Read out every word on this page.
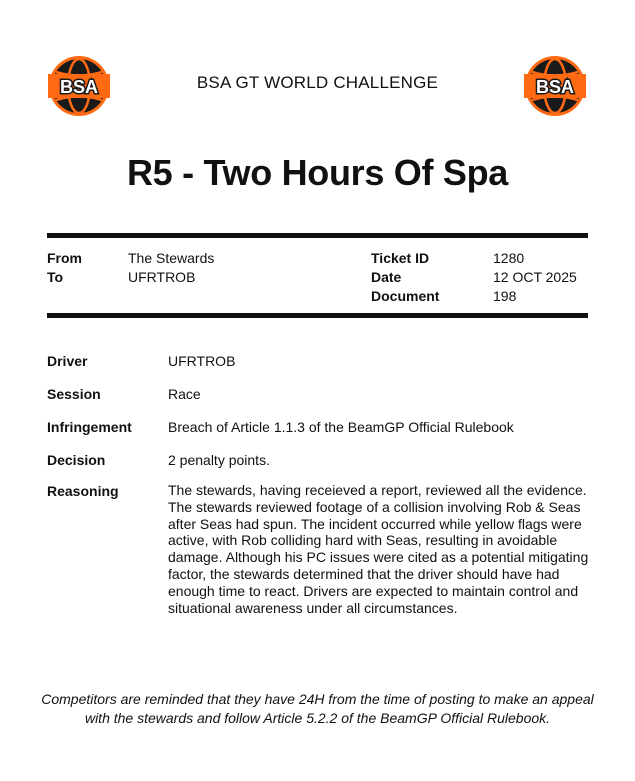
BSA	BSA
BSA GT WORLD CHALLENGE
R5 - Two Hours Of Spa
From	The Stewards
To	UFRTROB
Ticket ID	1280
Date	12 OCT 2025
Document	198
Driver	UFRTROB
Session	Race
Infringement	Breach of Article 1.1.3 of the BeamGP Official Rulebook
Decision	2 penalty points.
Reasoning	The stewards, having receieved a report, reviewed all the evidence. The stewards reviewed footage of a collision involving Rob & Seas after Seas had spun. The incident occurred while yellow flags were active, with Rob colliding hard with Seas, resulting in avoidable damage. Although his PC issues were cited as a potential mitigating factor, the stewards determined that the driver should have had enough time to react. Drivers are expected to maintain control and situational awareness under all circumstances.
Competitors are reminded that they have 24H from the time of posting to make an appeal with the stewards and follow Article 5.2.2 of the BeamGP Official Rulebook.
